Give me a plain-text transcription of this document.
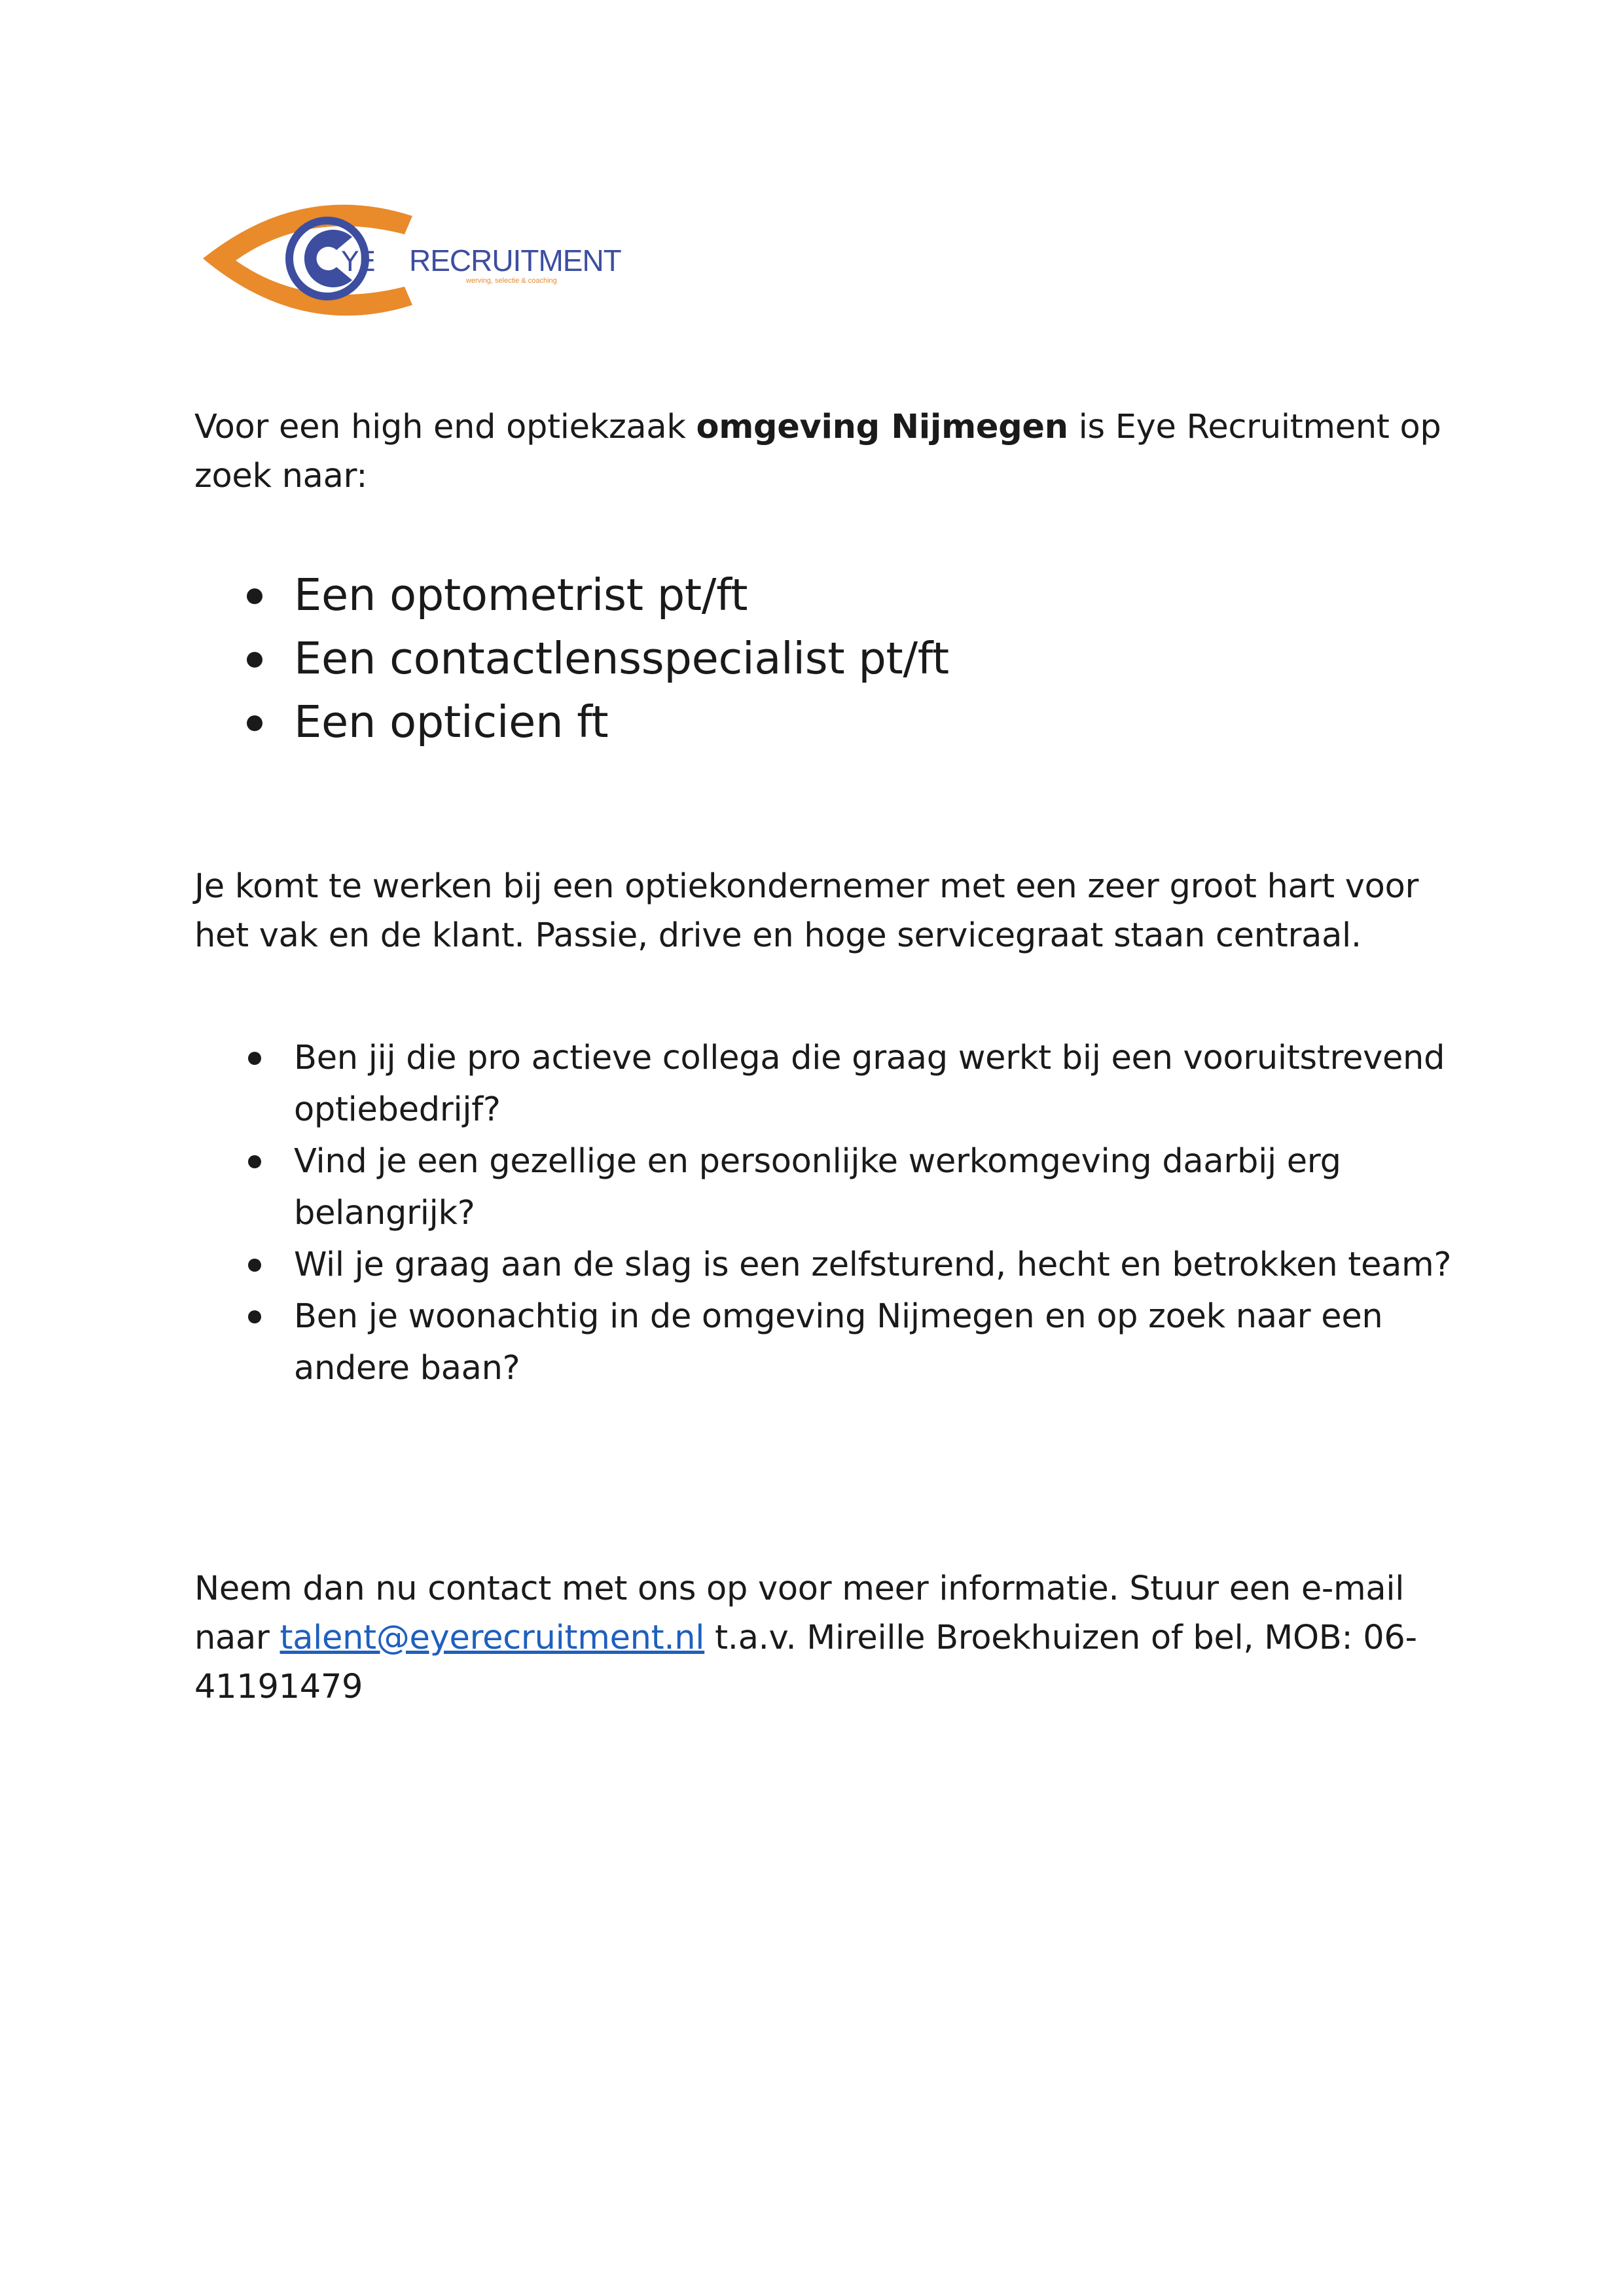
YE RECRUITMENT
werving, selectie & coaching

Voor een high end optiekzaak omgeving Nijmegen is Eye Recruitment op zoek naar:

Een optometrist pt/ft
Een contactlensspecialist pt/ft
Een opticien ft

Je komt te werken bij een optiekondernemer met een zeer groot hart voor het vak en de klant. Passie, drive en hoge servicegraat staan centraal.

Ben jij die pro actieve collega die graag werkt bij een vooruitstrevend optiebedrijf?
Vind je een gezellige en persoonlijke werkomgeving daarbij erg belangrijk?
Wil je graag aan de slag is een zelfsturend, hecht en betrokken team?
Ben je woonachtig in de omgeving Nijmegen en op zoek naar een andere baan?

Neem dan nu contact met ons op voor meer informatie. Stuur een e-mail naar talent@eyerecruitment.nl t.a.v. Mireille Broekhuizen of bel, MOB: 06-41191479
